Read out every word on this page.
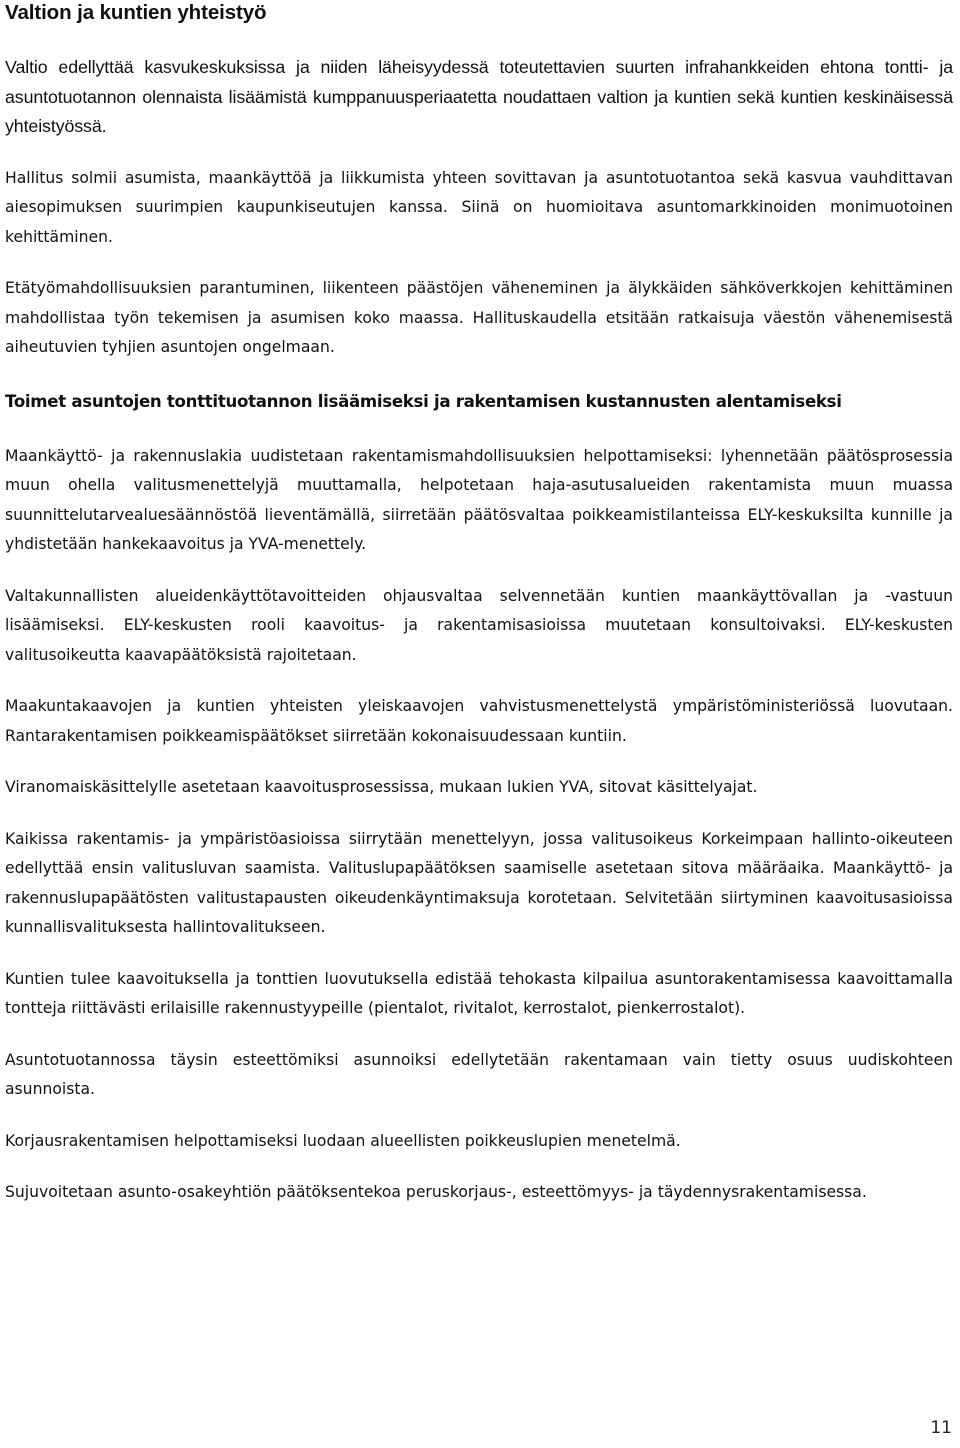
Valtion ja kuntien yhteistyö

Valtio edellyttää kasvukeskuksissa ja niiden läheisyydessä toteutettavien suurten infrahankkeiden ehtona tontti- ja asuntotuotannon olennaista lisäämistä kumppanuusperiaatetta noudattaen valtion ja kuntien sekä kuntien keskinäisessä yhteistyössä.

Hallitus solmii asumista, maankäyttöä ja liikkumista yhteen sovittavan ja asuntotuotantoa sekä kasvua vauhdittavan aiesopimuksen suurimpien kaupunkiseutujen kanssa. Siinä on huomioitava asuntomarkkinoiden monimuotoinen kehittäminen.

Etätyömahdollisuuksien parantuminen, liikenteen päästöjen väheneminen ja älykkäiden sähköverkkojen kehittäminen mahdollistaa työn tekemisen ja asumisen koko maassa. Hallituskaudella etsitään ratkaisuja väestön vähenemisestä aiheutuvien tyhjien asuntojen ongelmaan.

Toimet asuntojen tonttituotannon lisäämiseksi ja rakentamisen kustannusten alentamiseksi

Maankäyttö- ja rakennuslakia uudistetaan rakentamismahdollisuuksien helpottamiseksi: lyhennetään päätösprosessia muun ohella valitusmenettelyjä muuttamalla, helpotetaan haja-asutusalueiden rakentamista muun muassa suunnittelutarvealuesäännöstöä lieventämällä, siirretään päätösvaltaa poikkeamistilanteissa ELY-keskuksilta kunnille ja yhdistetään hankekaavoitus ja YVA-menettely.

Valtakunnallisten alueidenkäyttötavoitteiden ohjausvaltaa selvennetään kuntien maankäyttövallan ja -vastuun lisäämiseksi. ELY-keskusten rooli kaavoitus- ja rakentamisasioissa muutetaan konsultoivaksi. ELY-keskusten valitusoikeutta kaavapäätöksistä rajoitetaan.

Maakuntakaavojen ja kuntien yhteisten yleiskaavojen vahvistusmenettelystä ympäristöministeriössä luovutaan. Rantarakentamisen poikkeamispäätökset siirretään kokonaisuudessaan kuntiin.

Viranomaiskäsittelylle asetetaan kaavoitusprosessissa, mukaan lukien YVA, sitovat käsittelyajat.

Kaikissa rakentamis- ja ympäristöasioissa siirrytään menettelyyn, jossa valitusoikeus Korkeimpaan hallinto-oikeuteen edellyttää ensin valitusluvan saamista. Valituslupapäätöksen saamiselle asetetaan sitova määräaika. Maankäyttö- ja rakennuslupapäätösten valitustapausten oikeudenkäyntimaksuja korotetaan. Selvitetään siirtyminen kaavoitusasioissa kunnallisvalituksesta hallintovalitukseen.

Kuntien tulee kaavoituksella ja tonttien luovutuksella edistää tehokasta kilpailua asuntorakentamisessa kaavoittamalla tontteja riittävästi erilaisille rakennustyypeille (pientalot, rivitalot, kerrostalot, pienkerrostalot).

Asuntotuotannossa täysin esteettömiksi asunnoiksi edellytetään rakentamaan vain tietty osuus uudiskohteen asunnoista.

Korjausrakentamisen helpottamiseksi luodaan alueellisten poikkeuslupien menetelmä.

Sujuvoitetaan asunto-osakeyhtiön päätöksentekoa peruskorjaus-, esteettömyys- ja täydennysrakentamisessa.

11
